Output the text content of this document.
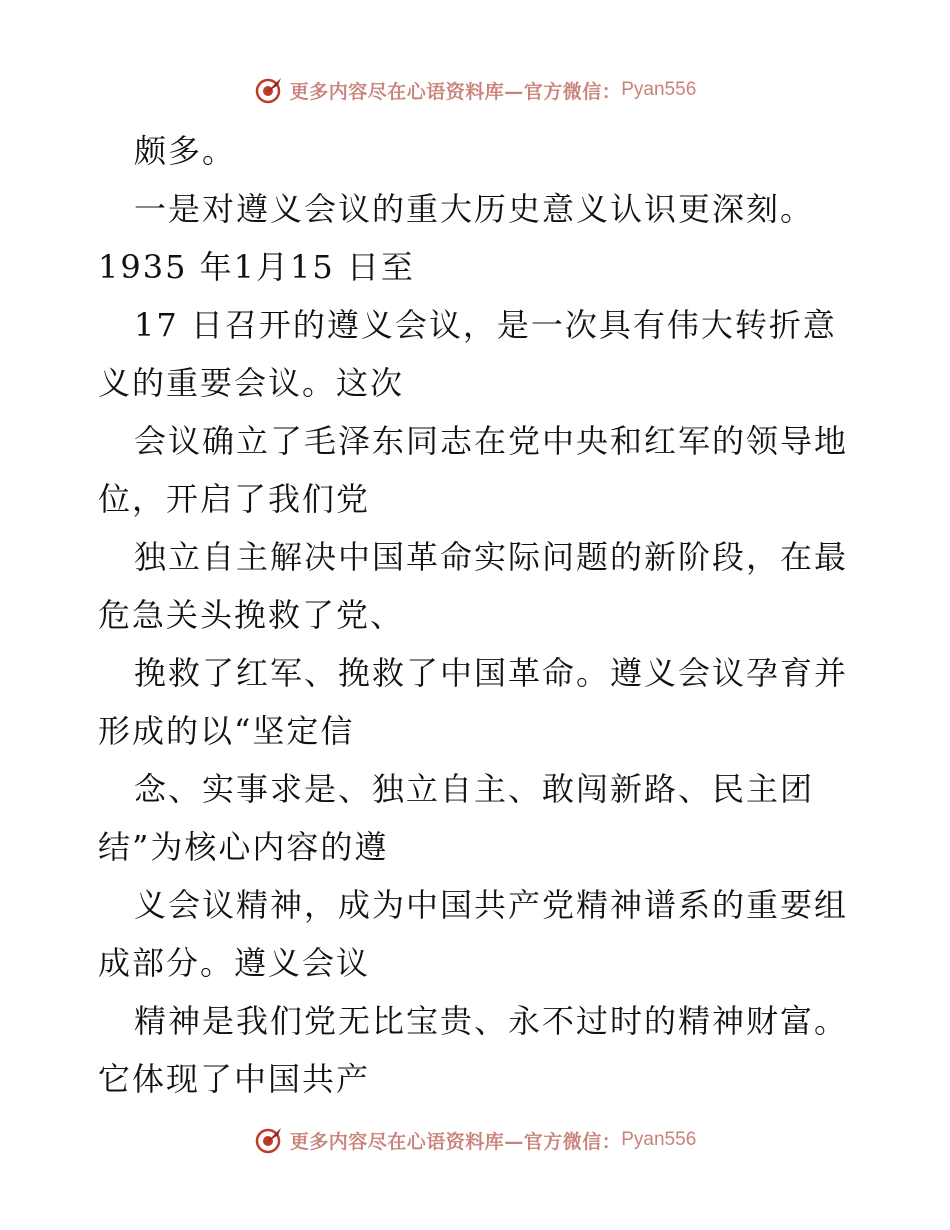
更多内容尽在心语资料库—官方微信： Pyan556
颇多。
一是对遵义会议的重大历史意义认识更深刻。
1935 年1月15 日至
17 日召开的遵义会议，是一次具有伟大转折意
义的重要会议。这次
会议确立了毛泽东同志在党中央和红军的领导地
位，开启了我们党
独立自主解决中国革命实际问题的新阶段，在最
危急关头挽救了党、
挽救了红军、挽救了中国革命。遵义会议孕育并
形成的以“坚定信
念、实事求是、独立自主、敢闯新路、民主团
结”为核心内容的遵
义会议精神，成为中国共产党精神谱系的重要组
成部分。遵义会议
精神是我们党无比宝贵、永不过时的精神财富。
它体现了中国共产
更多内容尽在心语资料库—官方微信： Pyan556
